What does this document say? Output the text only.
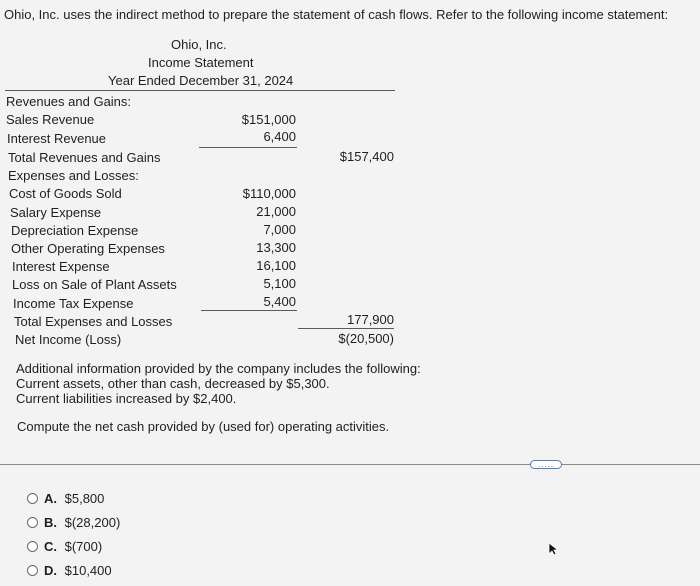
Ohio, Inc. uses the indirect method to prepare the statement of cash flows. Refer to the following income statement:
Ohio, Inc.
Income Statement
Year Ended December 31, 2024
Revenues and Gains:
Sales Revenue	$151,000
Interest Revenue	6,400
Total Revenues and Gains	$157,400
Expenses and Losses:
Cost of Goods Sold	$110,000
Salary Expense	21,000
Depreciation Expense	7,000
Other Operating Expenses	13,300
Interest Expense	16,100
Loss on Sale of Plant Assets	5,100
Income Tax Expense	5,400
Total Expenses and Losses	177,900
Net Income (Loss)	$(20,500)
Additional information provided by the company includes the following:
Current assets, other than cash, decreased by $5,300.
Current liabilities increased by $2,400.
Compute the net cash provided by (used for) operating activities.
.....
A. $5,800
B. $(28,200)
C. $(700)
D. $10,400
